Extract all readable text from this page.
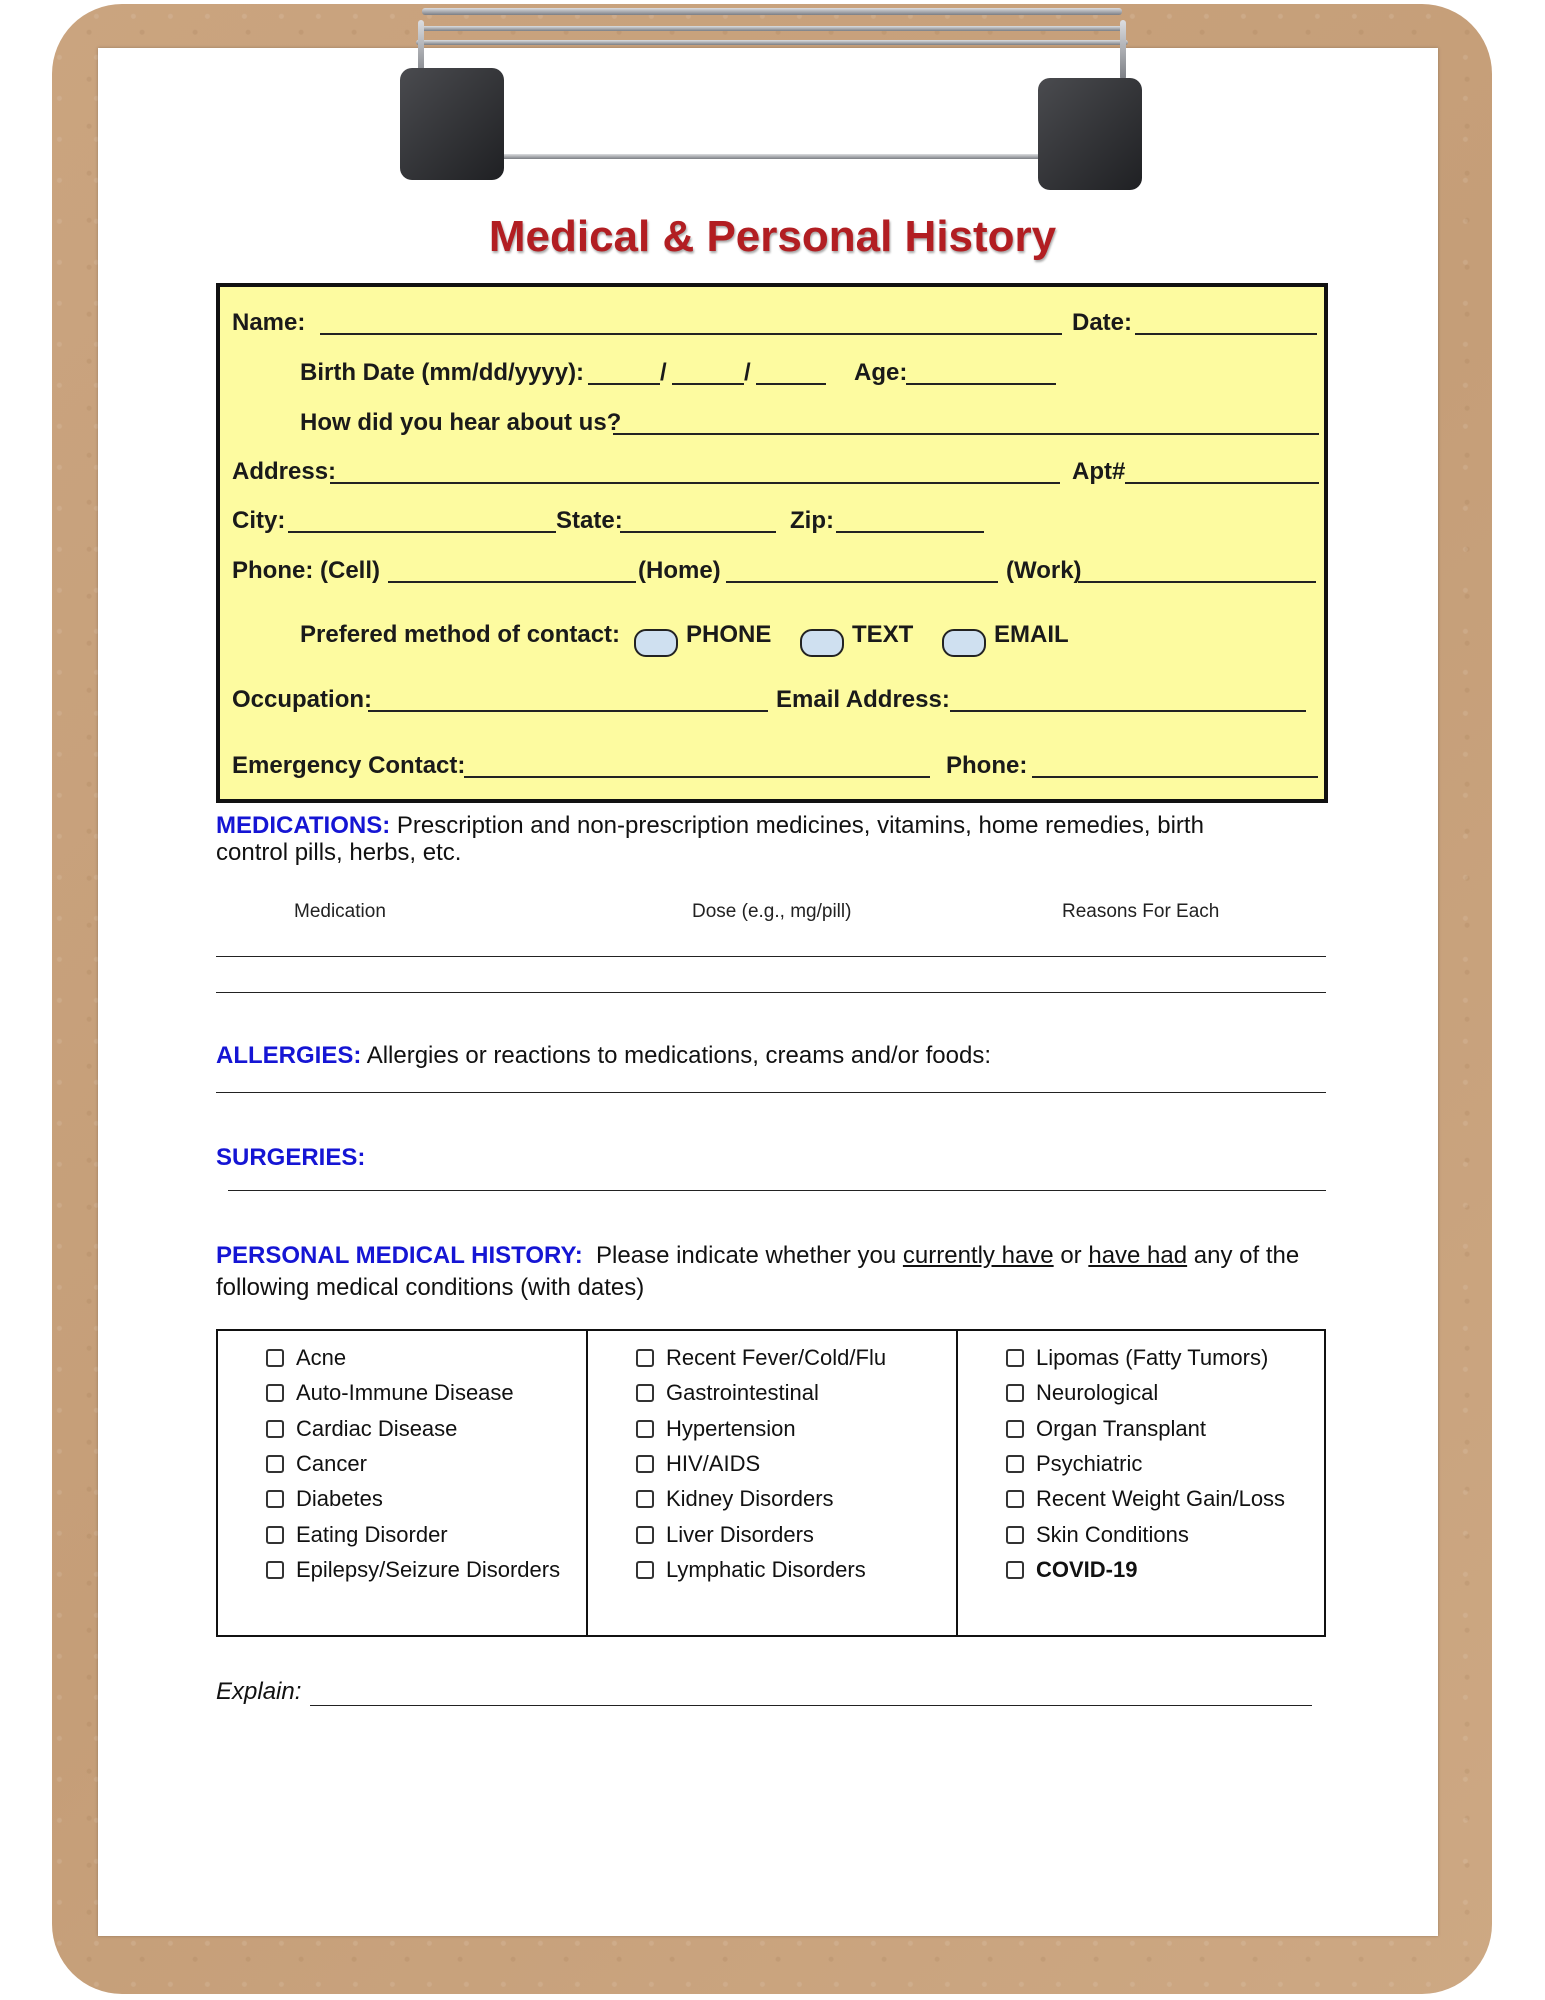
Medical & Personal History
Name:	Date:
Birth Date (mm/dd/yyyy):	/	/	Age:
How did you hear about us?
Address:	Apt#
City:	State:	Zip:
Phone: (Cell)	(Home)	(Work)
Prefered method of contact:	PHONE	TEXT	EMAIL
Occupation:	Email Address:
Emergency Contact:	Phone:
MEDICATIONS: Prescription and non-prescription medicines, vitamins, home remedies, birth
control pills, herbs, etc.
Medication	Dose (e.g., mg/pill)	Reasons For Each
ALLERGIES: Allergies or reactions to medications, creams and/or foods:
SURGERIES:
PERSONAL MEDICAL HISTORY: Please indicate whether you currently have or have had any of the
following medical conditions (with dates)
Acne
Auto-Immune Disease
Cardiac Disease
Cancer
Diabetes
Eating Disorder
Epilepsy/Seizure Disorders
Recent Fever/Cold/Flu
Gastrointestinal
Hypertension
HIV/AIDS
Kidney Disorders
Liver Disorders
Lymphatic Disorders
Lipomas (Fatty Tumors)
Neurological
Organ Transplant
Psychiatric
Recent Weight Gain/Loss
Skin Conditions
COVID-19
Explain:
